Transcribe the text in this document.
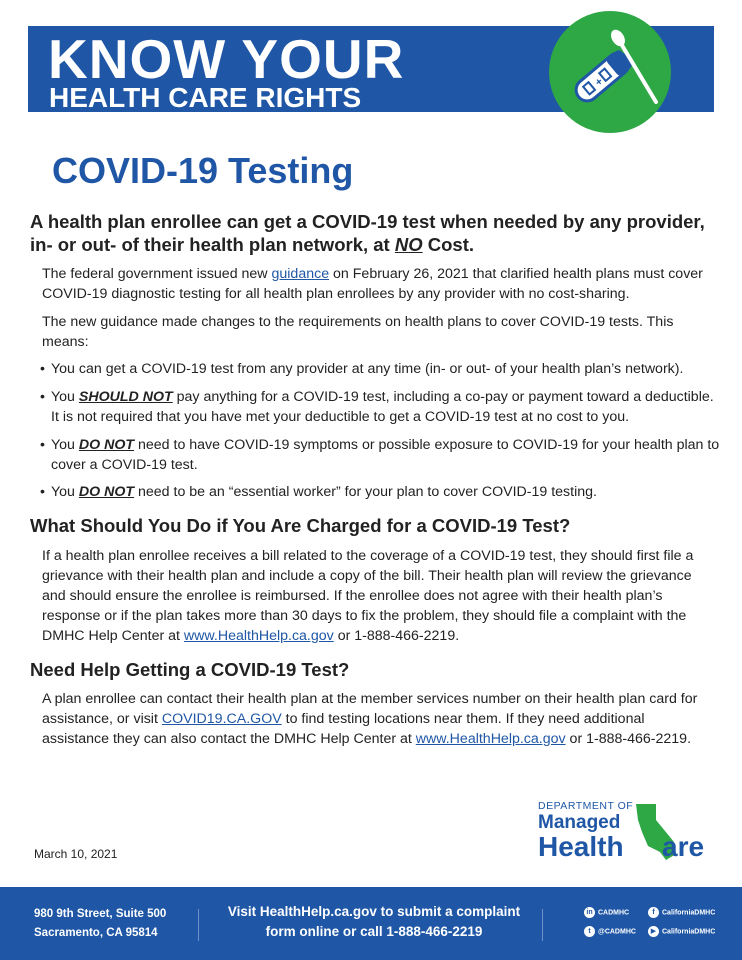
KNOW YOUR
HEALTH CARE RIGHTS	+
COVID-19 Testing
A health plan enrollee can get a COVID-19 test when needed by any provider, in- or out- of their health plan network, at NO Cost.
The federal government issued new guidance on February 26, 2021 that clarified health plans must cover COVID-19 diagnostic testing for all health plan enrollees by any provider with no cost-sharing.
The new guidance made changes to the requirements on health plans to cover COVID-19 tests. This means:
• You can get a COVID-19 test from any provider at any time (in- or out- of your health plan’s network).
• You SHOULD NOT pay anything for a COVID-19 test, including a co-pay or payment toward a deductible. It is not required that you have met your deductible to get a COVID-19 test at no cost to you.
• You DO NOT need to have COVID-19 symptoms or possible exposure to COVID-19 for your health plan to cover a COVID-19 test.
• You DO NOT need to be an “essential worker” for your plan to cover COVID-19 testing.
What Should You Do if You Are Charged for a COVID-19 Test?
If a health plan enrollee receives a bill related to the coverage of a COVID-19 test, they should first file a grievance with their health plan and include a copy of the bill. Their health plan will review the grievance and should ensure the enrollee is reimbursed. If the enrollee does not agree with their health plan’s response or if the plan takes more than 30 days to fix the problem, they should file a complaint with the DMHC Help Center at www.HealthHelp.ca.gov or 1-888-466-2219.
Need Help Getting a COVID-19 Test?
A plan enrollee can contact their health plan at the member services number on their health plan card for assistance, or visit COVID19.CA.GOV to find testing locations near them. If they need additional assistance they can also contact the DMHC Help Center at www.HealthHelp.ca.gov or 1-888-466-2219.
March 10, 2021
DEPARTMENT OF
Managed
Health are
980 9th Street, Suite 500
Sacramento, CA 95814
Visit HealthHelp.ca.gov to submit a complaint
form online or call 1-888-466-2219
in CADMHC	f CaliforniaDMHC
t @CADMHC	▶ CaliforniaDMHC
